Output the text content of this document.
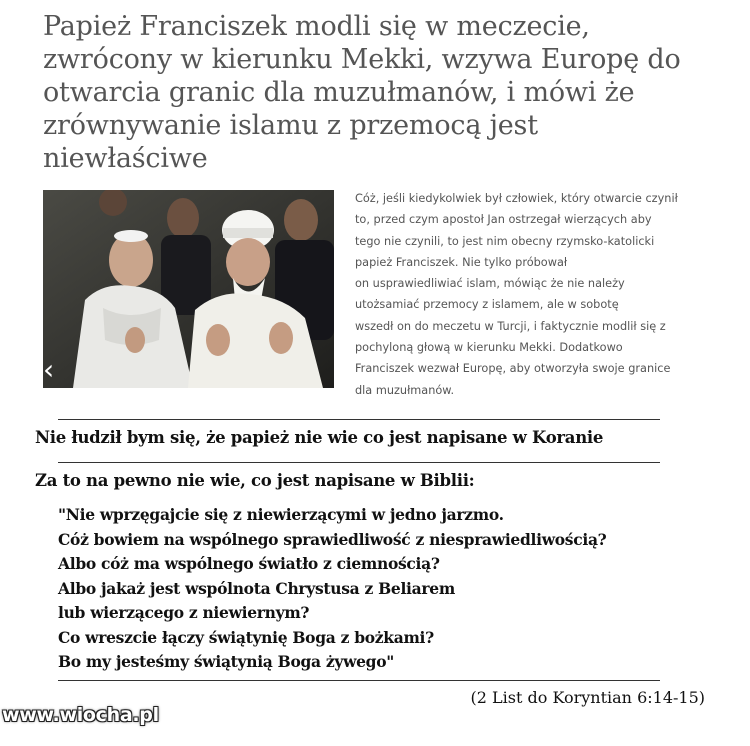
Papież Franciszek modli się w meczecie,
zwrócony w kierunku Mekki, wzywa Europę do
otwarcia granic dla muzułmanów, i mówi że
zrównywanie islamu z przemocą jest
niewłaściwe
‹
Cóż, jeśli kiedykolwiek był człowiek, który otwarcie czynił
to, przed czym apostoł Jan ostrzegał wierzących aby
tego nie czynili, to jest nim obecny rzymsko-katolicki
papież Franciszek. Nie tylko próbował
on usprawiedliwiać islam, mówiąc że nie należy
utożsamiać przemocy z islamem, ale w sobotę
wszedł on do meczetu w Turcji, i faktycznie modlił się z
pochyloną głową w kierunku Mekki. Dodatkowo
Franciszek wezwał Europę, aby otworzyła swoje granice
dla muzułmanów.
Nie łudził bym się, że papież nie wie co jest napisane w Koranie
Za to na pewno nie wie, co jest napisane w Biblii:
"Nie wprzęgajcie się z niewierzącymi w jedno jarzmo.
Cóż bowiem na wspólnego sprawiedliwość z niesprawiedliwością?
Albo cóż ma wspólnego światło z ciemnością?
Albo jakaż jest wspólnota Chrystusa z Beliarem
lub wierzącego z niewiernym?
Co wreszcie łączy świątynię Boga z bożkami?
Bo my jesteśmy świątynią Boga żywego"
(2 List do Koryntian 6:14-15)
www.wiocha.pl
